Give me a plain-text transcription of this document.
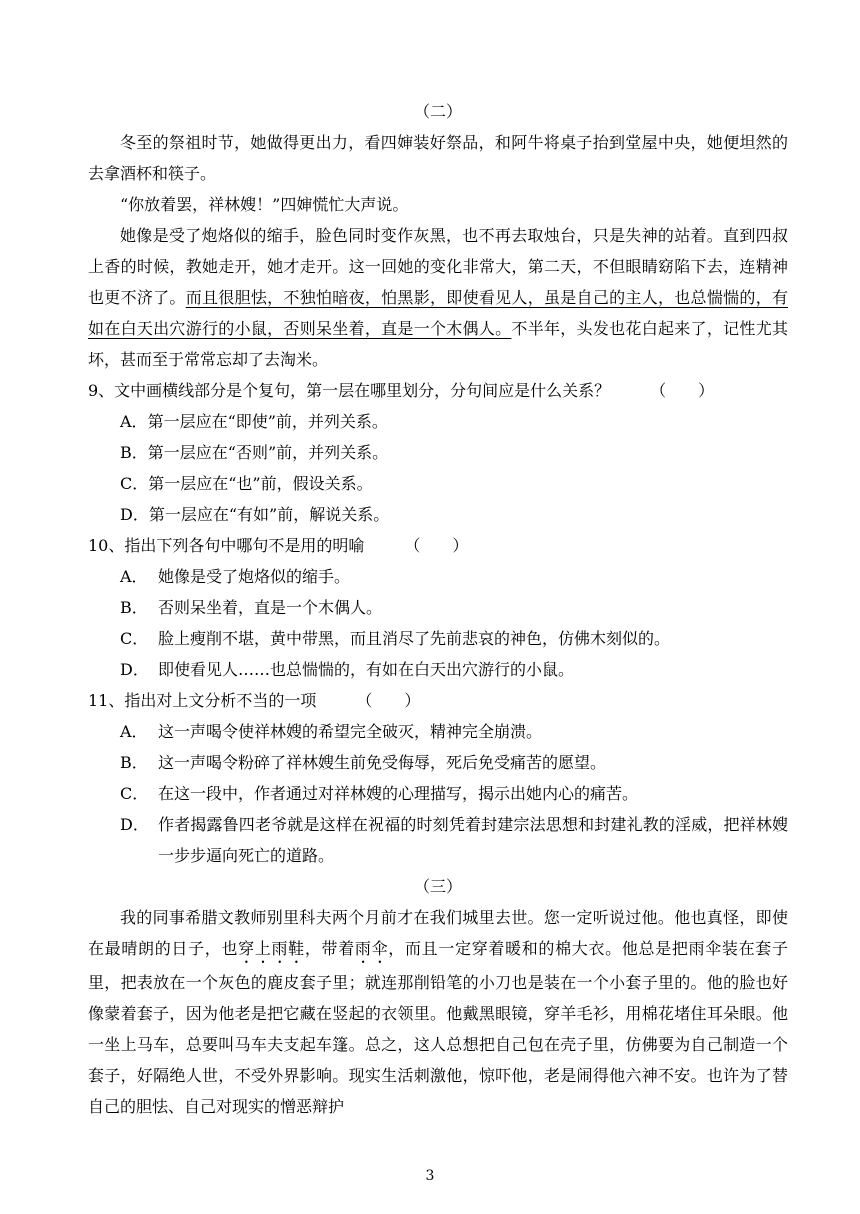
（二）

冬至的祭祖时节，她做得更出力，看四婶装好祭品，和阿牛将桌子抬到堂屋中央，她便坦然的去拿酒杯和筷子。

“你放着罢，祥林嫂！”四婶慌忙大声说。

她像是受了炮烙似的缩手，脸色同时变作灰黑，也不再去取烛台，只是失神的站着。直到四叔上香的时候，教她走开，她才走开。这一回她的变化非常大，第二天，不但眼睛窈陷下去，连精神也更不济了。而且很胆怯，不独怕暗夜，怕黑影，即使看见人，虽是自己的主人，也总惴惴的，有如在白天出穴游行的小鼠，否则呆坐着，直是一个木偶人。不半年，头发也花白起来了，记性尤其坏，甚而至于常常忘却了去淘米。

9、文中画横线部分是个复句，第一层在哪里划分，分句间应是什么关系？　　　（　　）

A．第一层应在“即使”前，并列关系。

B．第一层应在“否则”前，并列关系。

C．第一层应在“也”前，假设关系。

D．第一层应在“有如”前，解说关系。

10、指出下列各句中哪句不是用的明喻　　　（　　）

A． 她像是受了炮烙似的缩手。

B． 否则呆坐着，直是一个木偶人。

C． 脸上瘦削不堪，黄中带黑，而且消尽了先前悲哀的神色，仿佛木刻似的。

D． 即使看见人……也总惴惴的，有如在白天出穴游行的小鼠。

11、指出对上文分析不当的一项　　　（　　）

A． 这一声喝令使祥林嫂的希望完全破灭，精神完全崩溃。

B． 这一声喝令粉碎了祥林嫂生前免受侮辱，死后免受痛苦的愿望。

C． 在这一段中，作者通过对祥林嫂的心理描写，揭示出她内心的痛苦。

D． 作者揭露鲁四老爷就是这样在祝福的时刻凭着封建宗法思想和封建礼教的淫威，把祥林嫂一步步逼向死亡的道路。
（三）

我的同事希腊文教师别里科夫两个月前才在我们城里去世。您一定听说过他。他也真怪，即使在最晴朗的日子，也穿上雨鞋，带着雨伞，而且一定穿着暖和的棉大衣。他总是把雨伞装在套子里，把表放在一个灰色的鹿皮套子里；就连那削铅笔的小刀也是装在一个小套子里的。他的脸也好像蒙着套子，因为他老是把它藏在竖起的衣领里。他戴黑眼镜，穿羊毛衫，用棉花堵住耳朵眼。他一坐上马车，总要叫马车夫支起车篷。总之，这人总想把自己包在壳子里，仿佛要为自己制造一个套子，好隔绝人世，不受外界影响。现实生活刺激他，惊吓他，老是闹得他六神不安。也许为了替自己的胆怯、自己对现实的憎恶辩护

3
